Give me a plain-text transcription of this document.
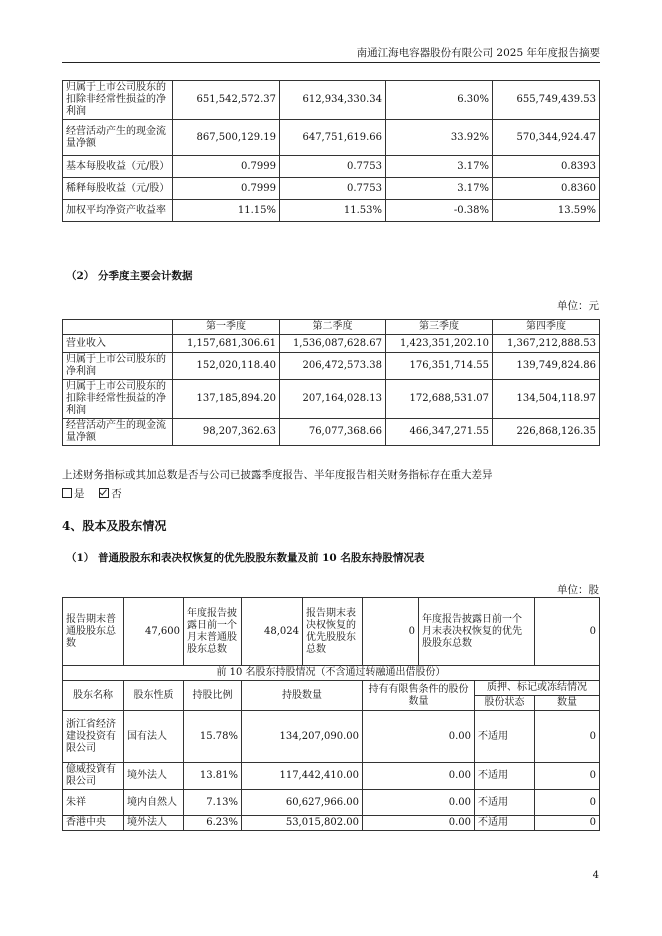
南通江海电容器股份有限公司 2025 年年度报告摘要
归属于上市公司股东的扣除非经常性损益的净利润	651,542,572.37	612,934,330.34	6.30%	655,749,439.53
经营活动产生的现金流量净额	867,500,129.19	647,751,619.66	33.92%	570,344,924.47
基本每股收益（元/股）	0.7999	0.7753	3.17%	0.8393
稀释每股收益（元/股）	0.7999	0.7753	3.17%	0.8360
加权平均净资产收益率	11.15%	11.53%	-0.38%	13.59%
（2） 分季度主要会计数据
单位：元
	第一季度	第二季度	第三季度	第四季度
营业收入	1,157,681,306.61	1,536,087,628.67	1,423,351,202.10	1,367,212,888.53
归属于上市公司股东的净利润	152,020,118.40	206,472,573.38	176,351,714.55	139,749,824.86
归属于上市公司股东的扣除非经常性损益的净利润	137,185,894.20	207,164,028.13	172,688,531.07	134,504,118.97
经营活动产生的现金流量净额	98,207,362.63	76,077,368.66	466,347,271.55	226,868,126.35
上述财务指标或其加总数是否与公司已披露季度报告、半年度报告相关财务指标存在重大差异
是	否
4、股本及股东情况
（1） 普通股股东和表决权恢复的优先股股东数量及前 10 名股东持股情况表
单位：股
报告期末普通股股东总数	47,600	年度报告披露日前一个月末普通股股东总数	48,024	报告期末表决权恢复的优先股股东总数	0	年度报告披露日前一个月末表决权恢复的优先股股东总数		0
前 10 名股东持股情况（不含通过转融通出借股份）								
股东名称	股东性质	持股比例	持股数量		持有有限售条件的股份数量		质押、标记或冻结情况	
							股份状态	数量
浙江省经济建设投资有限公司	国有法人	15.78%	134,207,090.00		0.00		不适用	0
億威投資有限公司	境外法人	13.81%	117,442,410.00		0.00		不适用	0
朱祥	境内自然人	7.13%	60,627,966.00		0.00		不适用	0
香港中央	境外法人	6.23%	53,015,802.00		0.00		不适用	0
4
